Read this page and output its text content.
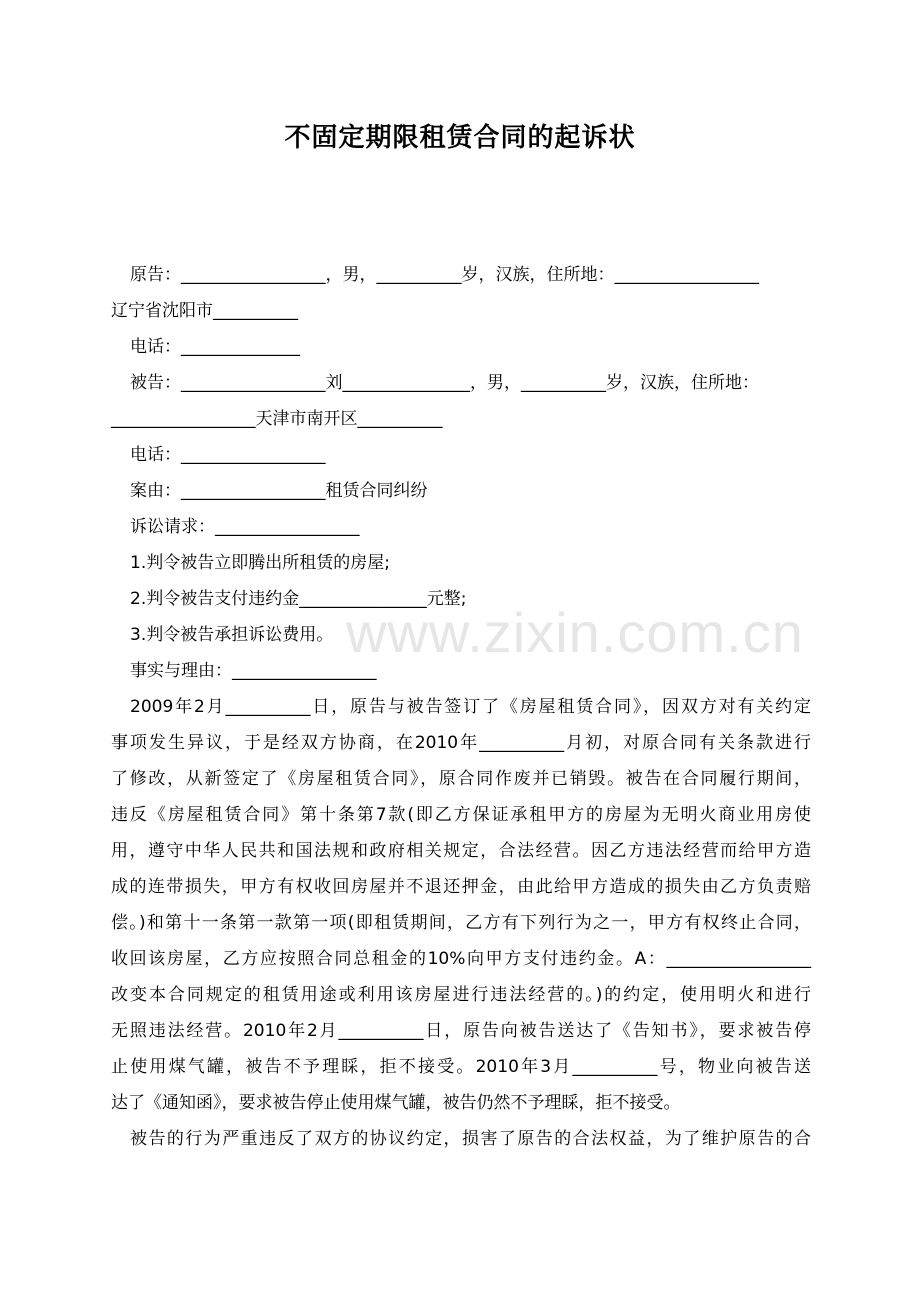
不固定期限租赁合同的起诉状
原告：_________________，男，__________岁，汉族，住所地：_________________
辽宁省沈阳市__________
电话：______________
被告：_________________刘_______________，男，__________岁，汉族，住所地：
_________________天津市南开区__________
电话：_________________
案由：_________________租赁合同纠纷
诉讼请求：_________________
1.判令被告立即腾出所租赁的房屋;
2.判令被告支付违约金_______________元整;
3.判令被告承担诉讼费用。
事实与理由：_________________
2009年2月__________日，原告与被告签订了《房屋租赁合同》，因双方对有关约定
事项发生异议，于是经双方协商，在2010年__________月初，对原合同有关条款进行
了修改，从新签定了《房屋租赁合同》，原合同作废并已销毁。被告在合同履行期间，
违反《房屋租赁合同》第十条第7款(即乙方保证承租甲方的房屋为无明火商业用房使
用，遵守中华人民共和国法规和政府相关规定，合法经营。因乙方违法经营而给甲方造
成的连带损失，甲方有权收回房屋并不退还押金，由此给甲方造成的损失由乙方负责赔
偿。)和第十一条第一款第一项(即租赁期间，乙方有下列行为之一，甲方有权终止合同，
收回该房屋，乙方应按照合同总租金的10%向甲方支付违约金。A：_________________
改变本合同规定的租赁用途或利用该房屋进行违法经营的。)的约定，使用明火和进行
无照违法经营。2010年2月__________日，原告向被告送达了《告知书》，要求被告停
止使用煤气罐，被告不予理睬，拒不接受。2010年3月__________号，物业向被告送
达了《通知函》，要求被告停止使用煤气罐，被告仍然不予理睬，拒不接受。
被告的行为严重违反了双方的协议约定，损害了原告的合法权益，为了维护原告的合
www.zixin.com.cn
